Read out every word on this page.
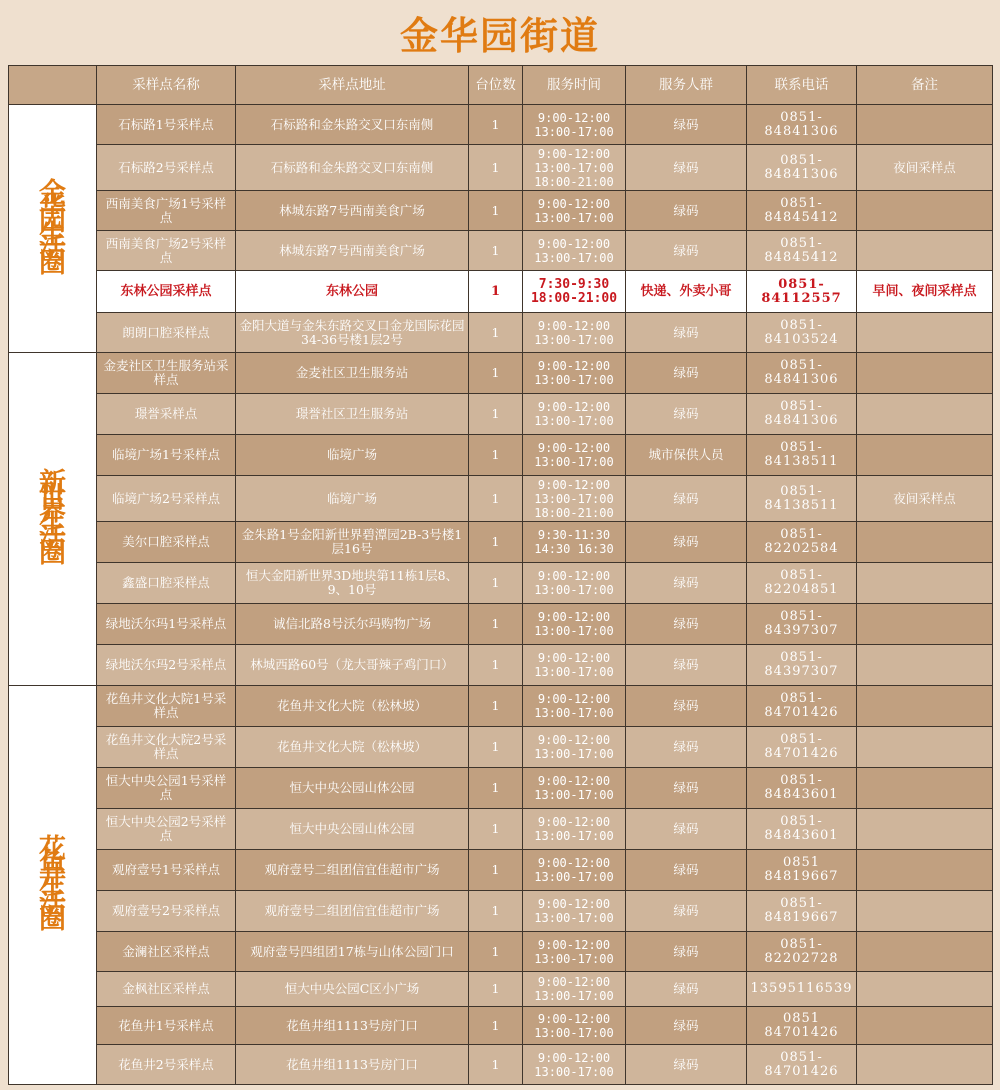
金华园街道
	采样点名称	采样点地址	台位数	服务时间	服务人群	联系电话	备注

金华园生活圈	石标路1号采样点	石标路和金朱路交叉口东南侧	1	9:00-12:00
13:00-17:00	绿码	0851-
84841306	
	石标路2号采样点	石标路和金朱路交叉口东南侧	1	9:00-12:00
13:00-17:00
18:00-21:00	绿码	0851-
84841306	夜间采样点
	西南美食广场1号采样点	林城东路7号西南美食广场	1	9:00-12:00
13:00-17:00	绿码	0851-
84845412	
	西南美食广场2号采样点	林城东路7号西南美食广场	1	9:00-12:00
13:00-17:00	绿码	0851-
84845412	
	东林公园采样点	东林公园	1	7:30-9:30
18:00-21:00	快递、外卖小哥	0851-
84112557	早间、夜间采样点
	朗朗口腔采样点	金阳大道与金朱东路交叉口金龙国际花园34-36号楼1层2号	1	9:00-12:00
13:00-17:00	绿码	0851-
84103524	

新世界生活圈	金麦社区卫生服务站采样点	金麦社区卫生服务站	1	9:00-12:00
13:00-17:00	绿码	0851-
84841306	
	璟誉采样点	璟誉社区卫生服务站	1	9:00-12:00
13:00-17:00	绿码	0851-
84841306	
	临境广场1号采样点	临境广场	1	9:00-12:00
13:00-17:00	城市保供人员	0851-
84138511	
	临境广场2号采样点	临境广场	1	9:00-12:00
13:00-17:00
18:00-21:00	绿码	0851-
84138511	夜间采样点
	美尔口腔采样点	金朱路1号金阳新世界碧潭园2B-3号楼1层16号	1	9:30-11:30
14:30 16:30	绿码	0851-
82202584	
	鑫盛口腔采样点	恒大金阳新世界3D地块第11栋1层8、9、10号	1	9:00-12:00
13:00-17:00	绿码	0851-
82204851	
	绿地沃尔玛1号采样点	诚信北路8号沃尔玛购物广场	1	9:00-12:00
13:00-17:00	绿码	0851-
84397307	
	绿地沃尔玛2号采样点	林城西路60号（龙大哥辣子鸡门口）	1	9:00-12:00
13:00-17:00	绿码	0851-
84397307	

花鱼井生活圈	花鱼井文化大院1号采样点	花鱼井文化大院（松林坡）	1	9:00-12:00
13:00-17:00	绿码	0851-
84701426	
	花鱼井文化大院2号采样点	花鱼井文化大院（松林坡）	1	9:00-12:00
13:00-17:00	绿码	0851-
84701426	
	恒大中央公园1号采样点	恒大中央公园山体公园	1	9:00-12:00
13:00-17:00	绿码	0851-
84843601	
	恒大中央公园2号采样点	恒大中央公园山体公园	1	9:00-12:00
13:00-17:00	绿码	0851-
84843601	
	观府壹号1号采样点	观府壹号二组团信宜佳超市广场	1	9:00-12:00
13:00-17:00	绿码	0851
84819667	
	观府壹号2号采样点	观府壹号二组团信宜佳超市广场	1	9:00-12:00
13:00-17:00	绿码	0851-
84819667	
	金澜社区采样点	观府壹号四组团17栋与山体公园门口	1	9:00-12:00
13:00-17:00	绿码	0851-
82202728	
	金枫社区采样点	恒大中央公园C区小广场	1	9:00-12:00
13:00-17:00	绿码	13595116539	
	花鱼井1号采样点	花鱼井组1113号房门口	1	9:00-12:00
13:00-17:00	绿码	0851
84701426	
	花鱼井2号采样点	花鱼井组1113号房门口	1	9:00-12:00
13:00-17:00	绿码	0851-
84701426	
